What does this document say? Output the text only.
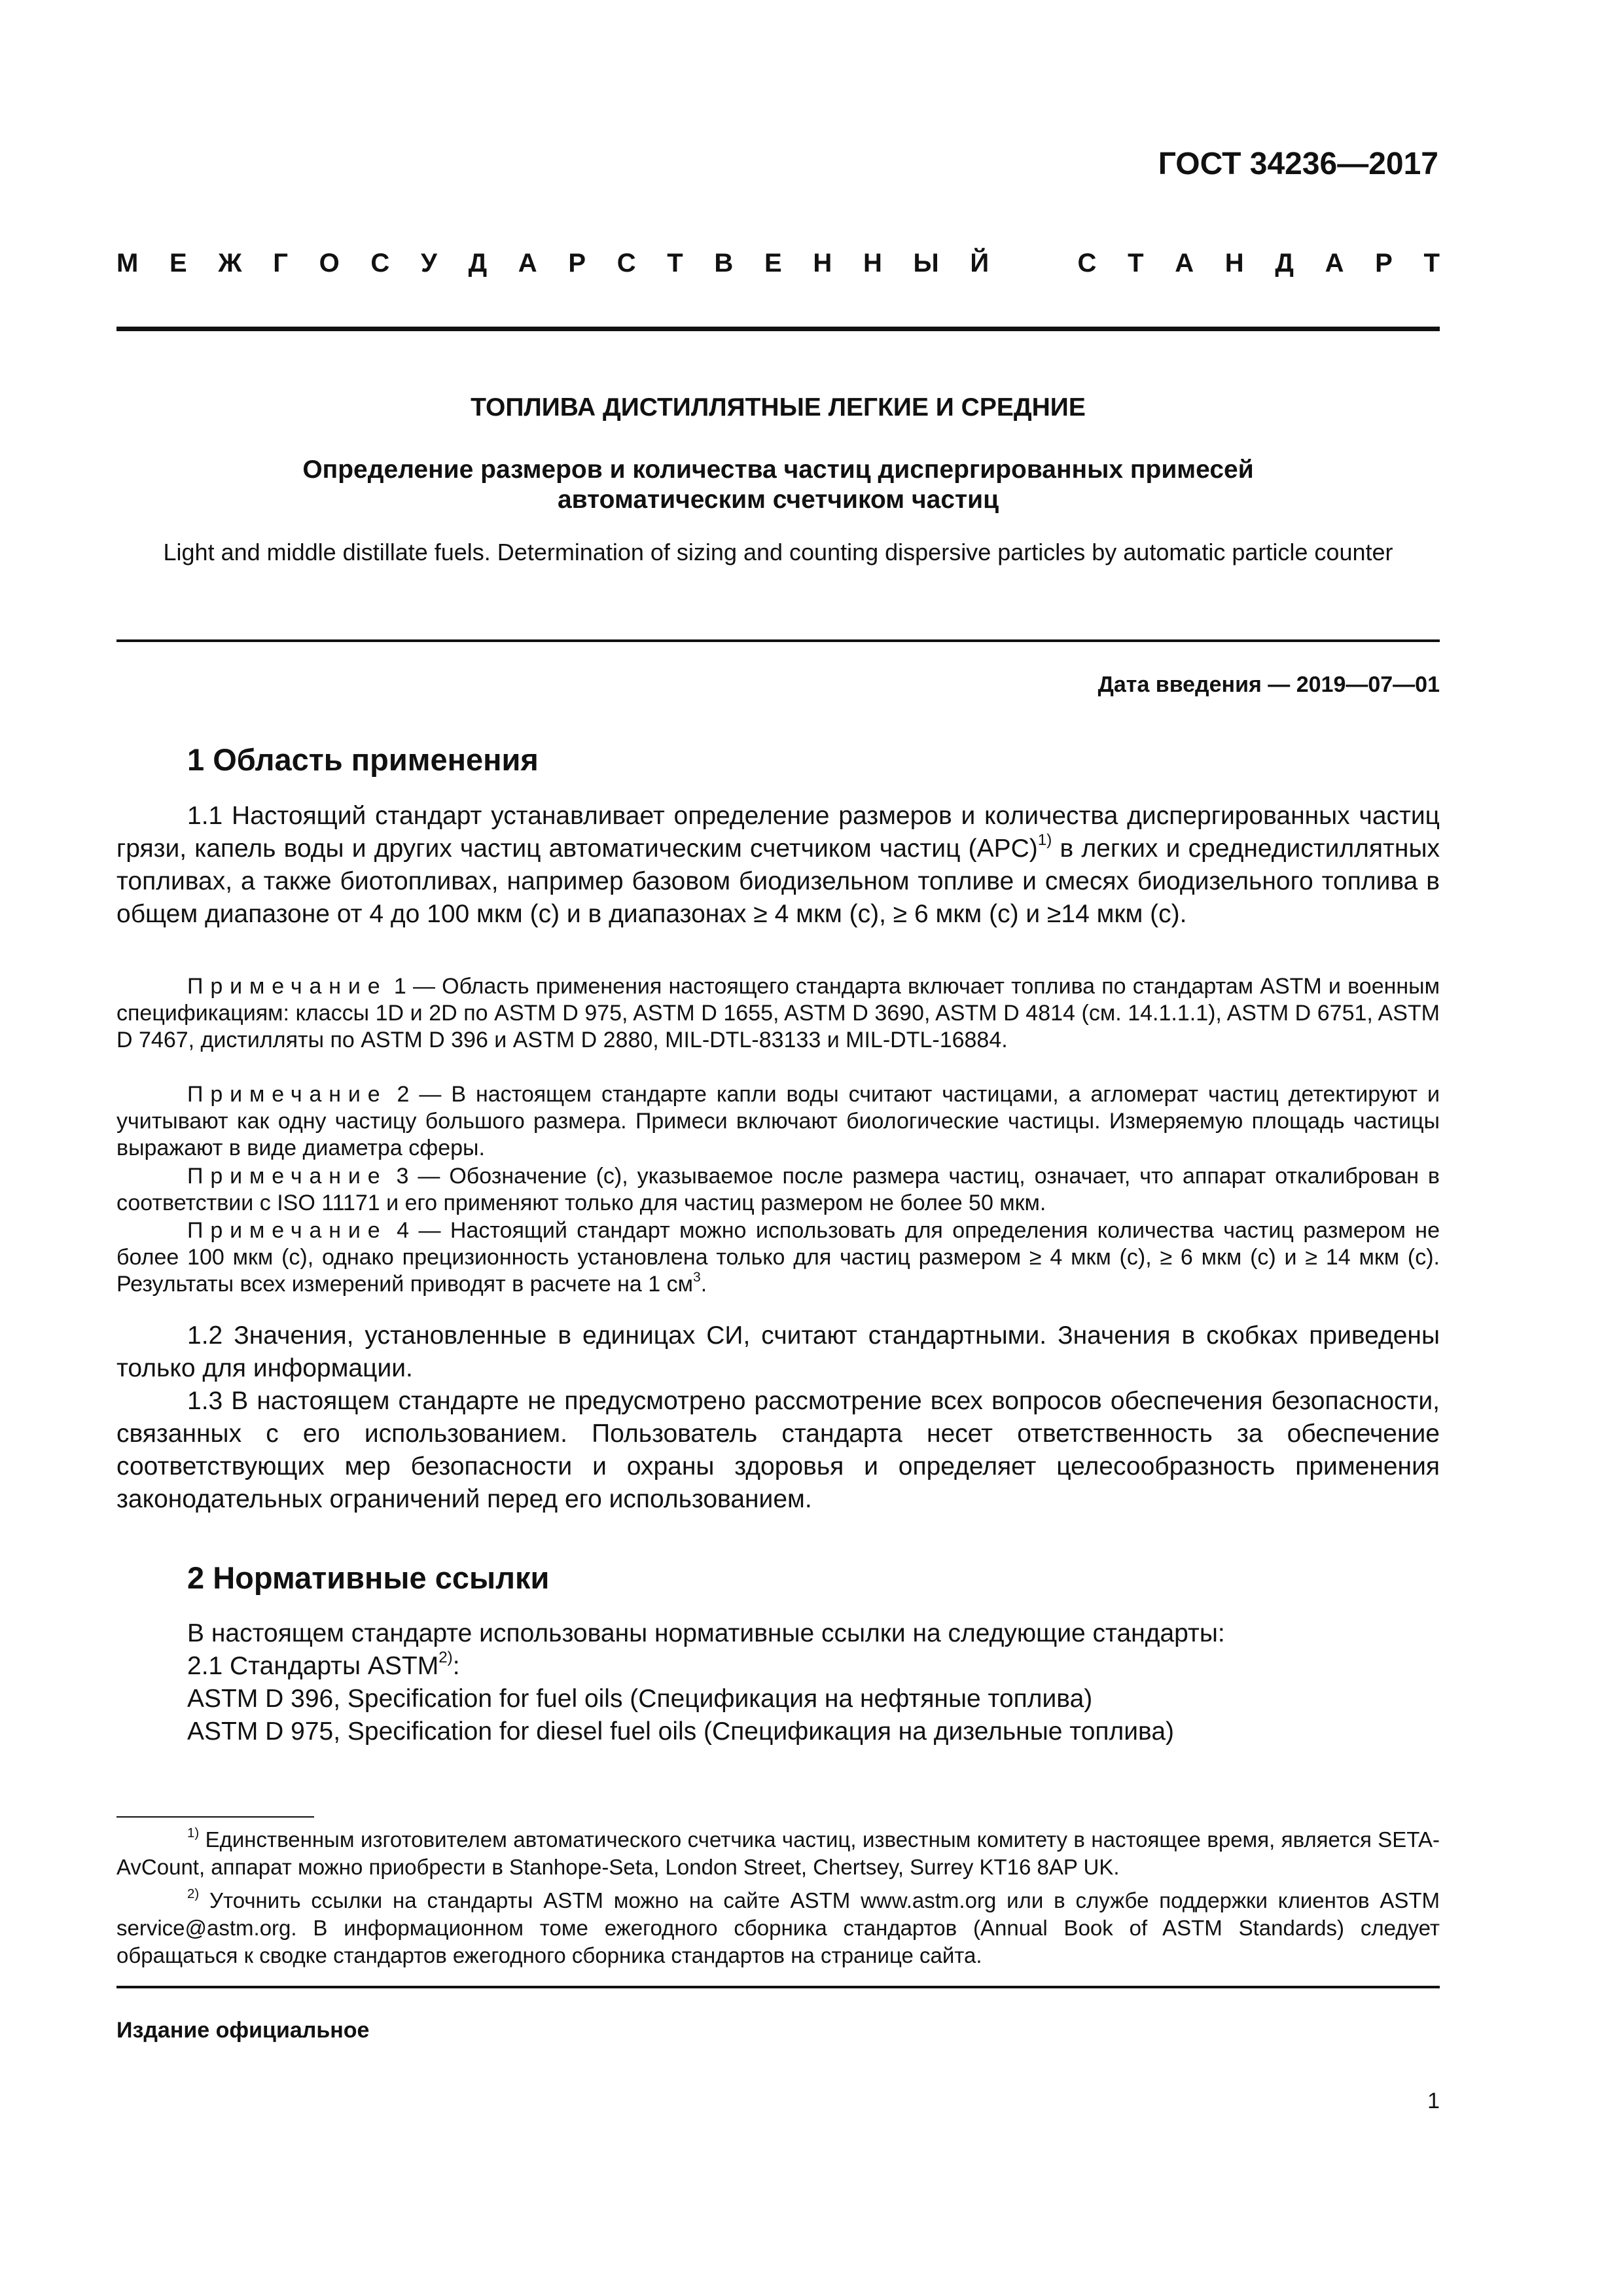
ГОСТ 34236—2017
М Е Ж Г О С У Д А Р С Т В Е Н Н Ы Й	С Т А Н Д А Р Т
ТОПЛИВА ДИСТИЛЛЯТНЫЕ ЛЕГКИЕ И СРЕДНИЕ
Определение размеров и количества частиц диспергированных примесей
автоматическим счетчиком частиц
Light and middle distillate fuels. Determination of sizing and counting dispersive particles by automatic particle counter
Дата введения — 2019—07—01
1 Область применения

1.1 Настоящий стандарт устанавливает определение размеров и количества диспергированных частиц грязи, капель воды и других частиц автоматическим счетчиком частиц (APC)$^{1)}$ в легких и среднедистиллятных топливах, а также биотопливах, например базовом биодизельном топливе и смесях биодизельного топлива в общем диапазоне от 4 до 100 мкм (c) и в диапазонах ≥ 4 мкм (c), ≥ 6 мкм (c) и ≥14 мкм (c).

Примечание 1 — Область применения настоящего стандарта включает топлива по стандартам ASTM и военным спецификациям: классы 1D и 2D по ASTM D 975, ASTM D 1655, ASTM D 3690, ASTM D 4814 (см. 14.1.1.1), ASTM D 6751, ASTM D 7467, дистилляты по ASTM D 396 и ASTM D 2880, MIL-DTL-83133 и MIL-DTL-16884.

Примечание 2 — В настоящем стандарте капли воды считают частицами, а агломерат частиц детектируют и учитывают как одну частицу большого размера. Примеси включают биологические частицы. Измеряемую площадь частицы выражают в виде диаметра сферы.

Примечание 3 — Обозначение (c), указываемое после размера частиц, означает, что аппарат откалиброван в соответствии с ISO 11171 и его применяют только для частиц размером не более 50 мкм.

Примечание 4 — Настоящий стандарт можно использовать для определения количества частиц размером не более 100 мкм (c), однако прецизионность установлена только для частиц размером ≥ 4 мкм (c), ≥ 6 мкм (c) и ≥ 14 мкм (c). Результаты всех измерений приводят в расчете на 1 $см^3$.

1.2 Значения, установленные в единицах СИ, считают стандартными. Значения в скобках приведены только для информации.

1.3 В настоящем стандарте не предусмотрено рассмотрение всех вопросов обеспечения безопасности, связанных с его использованием. Пользователь стандарта несет ответственность за обеспечение соответствующих мер безопасности и охраны здоровья и определяет целесообразность применения законодательных ограничений перед его использованием.

2 Нормативные ссылки

В настоящем стандарте использованы нормативные ссылки на следующие стандарты:

2.1 Стандарты ASTM$^{2)}$:

ASTM D 396, Specification for fuel oils (Спецификация на нефтяные топлива)

ASTM D 975, Specification for diesel fuel oils (Спецификация на дизельные топлива)

$^{1)}$ Единственным изготовителем автоматического счетчика частиц, известным комитету в настоящее время, является SETA-AvCount, аппарат можно приобрести в Stanhope-Seta, London Street, Chertsey, Surrey KT16 8AP UK.

$^{2)}$ Уточнить ссылки на стандарты ASTM можно на сайте ASTM www.astm.org или в службе поддержки клиентов ASTM service@astm.org. В информационном томе ежегодного сборника стандартов (Annual Book of ASTM Standards) следует обращаться к сводке стандартов ежегодного сборника стандартов на странице сайта.

Издание официальное
1
